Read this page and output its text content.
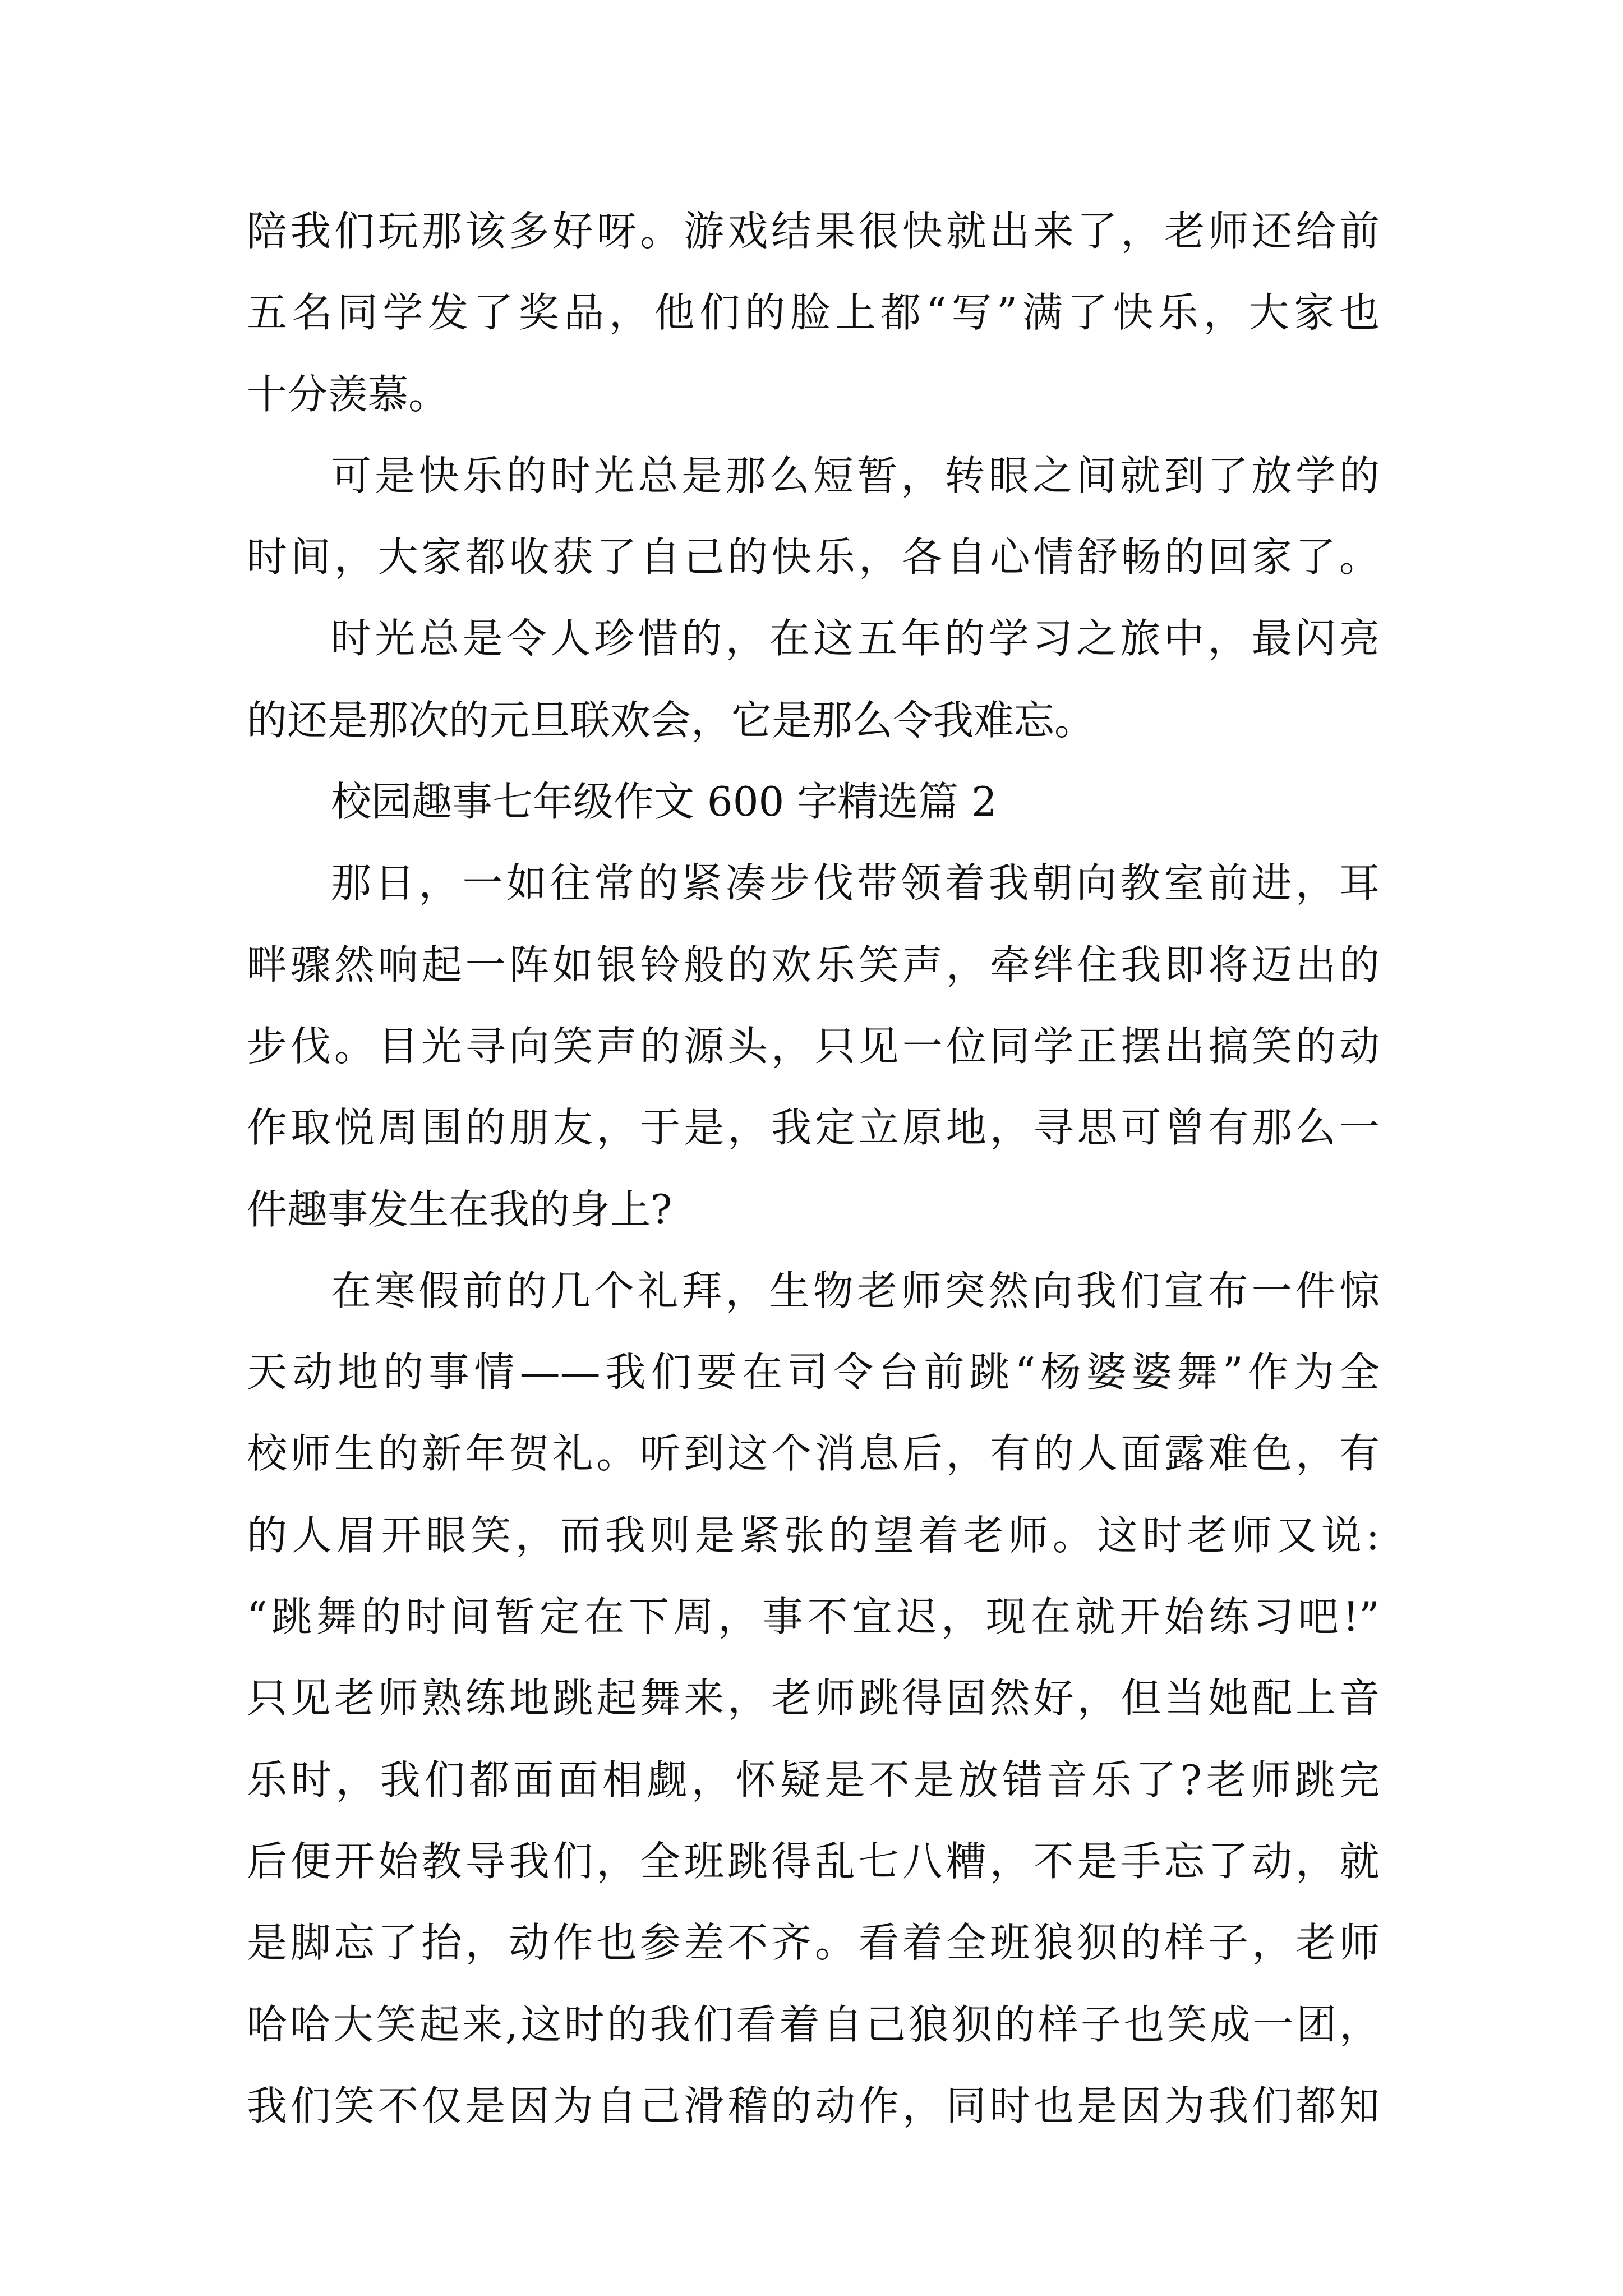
陪我们玩那该多好呀。游戏结果很快就出来了，老师还给前
五名同学发了奖品，他们的脸上都“写”满了快乐，大家也
十分羡慕。
可是快乐的时光总是那么短暂，转眼之间就到了放学的
时间，大家都收获了自己的快乐，各自心情舒畅的回家了。
时光总是令人珍惜的，在这五年的学习之旅中，最闪亮
的还是那次的元旦联欢会，它是那么令我难忘。
校园趣事七年级作文 600 字精选篇 2
那日，一如往常的紧凑步伐带领着我朝向教室前进，耳
畔骤然响起一阵如银铃般的欢乐笑声，牵绊住我即将迈出的
步伐。目光寻向笑声的源头，只见一位同学正摆出搞笑的动
作取悦周围的朋友，于是，我定立原地，寻思可曾有那么一
件趣事发生在我的身上?
在寒假前的几个礼拜，生物老师突然向我们宣布一件惊
天动地的事情——我们要在司令台前跳“杨婆婆舞”作为全
校师生的新年贺礼。听到这个消息后，有的人面露难色，有
的人眉开眼笑，而我则是紧张的望着老师。这时老师又说:
“跳舞的时间暂定在下周，事不宜迟，现在就开始练习吧!”
只见老师熟练地跳起舞来，老师跳得固然好，但当她配上音
乐时，我们都面面相觑，怀疑是不是放错音乐了?老师跳完
后便开始教导我们，全班跳得乱七八糟，不是手忘了动，就
是脚忘了抬，动作也参差不齐。看着全班狼狈的样子，老师
哈哈大笑起来,这时的我们看着自己狼狈的样子也笑成一团，
我们笑不仅是因为自己滑稽的动作，同时也是因为我们都知
